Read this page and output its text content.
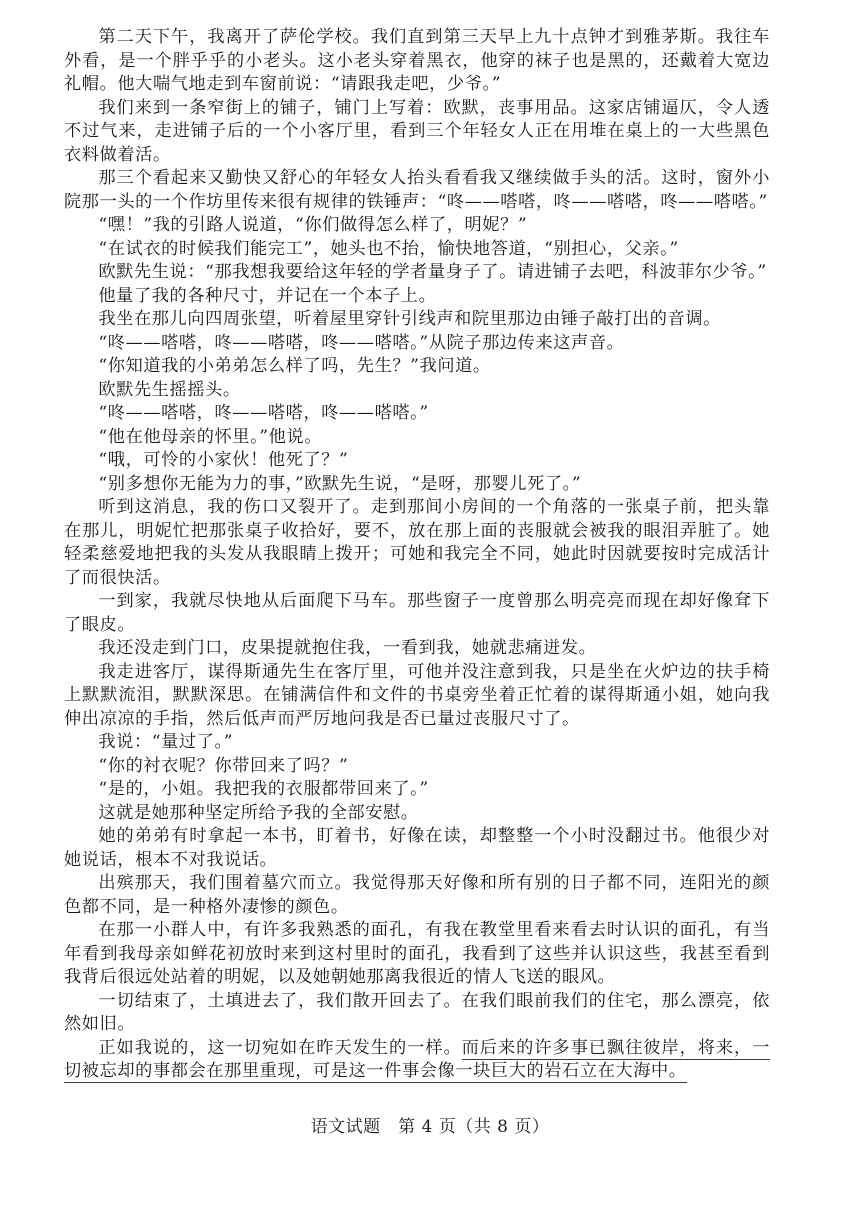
第二天下午，我离开了萨伦学校。我们直到第三天早上九十点钟才到雅茅斯。我往车外看，是一个胖乎乎的小老头。这小老头穿着黑衣，他穿的袜子也是黑的，还戴着大宽边礼帽。他大喘气地走到车窗前说：“请跟我走吧，少爷。”

我们来到一条窄街上的铺子，铺门上写着：欧默，丧事用品。这家店铺逼仄，令人透不过气来，走进铺子后的一个小客厅里，看到三个年轻女人正在用堆在桌上的一大些黑色衣料做着活。

那三个看起来又勤快又舒心的年轻女人抬头看看我又继续做手头的活。这时，窗外小院那一头的一个作坊里传来很有规律的铁锤声：“咚——嗒嗒，咚——嗒嗒，咚——嗒嗒。”

“嘿！”我的引路人说道，“你们做得怎么样了，明妮？”

“在试衣的时候我们能完工”，她头也不抬，愉快地答道，“别担心，父亲。”

欧默先生说：“那我想我要给这年轻的学者量身子了。请进铺子去吧，科波菲尔少爷。”

他量了我的各种尺寸，并记在一个本子上。

我坐在那儿向四周张望，听着屋里穿针引线声和院里那边由锤子敲打出的音调。

“咚——嗒嗒，咚——嗒嗒，咚——嗒嗒。”从院子那边传来这声音。

“你知道我的小弟弟怎么样了吗，先生？”我问道。

欧默先生摇摇头。

“咚——嗒嗒，咚——嗒嗒，咚——嗒嗒。”

“他在他母亲的怀里。”他说。

“哦，可怜的小家伙！他死了？”

“别多想你无能为力的事，”欧默先生说，“是呀，那婴儿死了。”

听到这消息，我的伤口又裂开了。走到那间小房间的一个角落的一张桌子前，把头靠在那儿，明妮忙把那张桌子收拾好，要不，放在那上面的丧服就会被我的眼泪弄脏了。她轻柔慈爱地把我的头发从我眼睛上拨开；可她和我完全不同，她此时因就要按时完成活计了而很快活。

一到家，我就尽快地从后面爬下马车。那些窗子一度曾那么明亮亮而现在却好像耷下了眼皮。

我还没走到门口，皮果提就抱住我，一看到我，她就悲痛迸发。

我走进客厅，谋得斯通先生在客厅里，可他并没注意到我，只是坐在火炉边的扶手椅上默默流泪，默默深思。在铺满信件和文件的书桌旁坐着正忙着的谋得斯通小姐，她向我伸出凉凉的手指，然后低声而严厉地问我是否已量过丧服尺寸了。

我说：“量过了。”

“你的衬衣呢？你带回来了吗？”

“是的，小姐。我把我的衣服都带回来了。”

这就是她那种坚定所给予我的全部安慰。

她的弟弟有时拿起一本书，盯着书，好像在读，却整整一个小时没翻过书。他很少对她说话，根本不对我说话。

出殡那天，我们围着墓穴而立。我觉得那天好像和所有别的日子都不同，连阳光的颜色都不同，是一种格外凄惨的颜色。

在那一小群人中，有许多我熟悉的面孔，有我在教堂里看来看去时认识的面孔，有当年看到我母亲如鲜花初放时来到这村里时的面孔，我看到了这些并认识这些，我甚至看到我背后很远处站着的明妮，以及她朝她那离我很近的情人飞送的眼风。

一切结束了，土填进去了，我们散开回去了。在我们眼前我们的住宅，那么漂亮，依然如旧。

正如我说的，这一切宛如在昨天发生的一样。而后来的许多事已飘往彼岸，将来，一切被忘却的事都会在那里重现，可是这一件事会像一块巨大的岩石立在大海中。

语文试题　第 4 页（共 8 页）
